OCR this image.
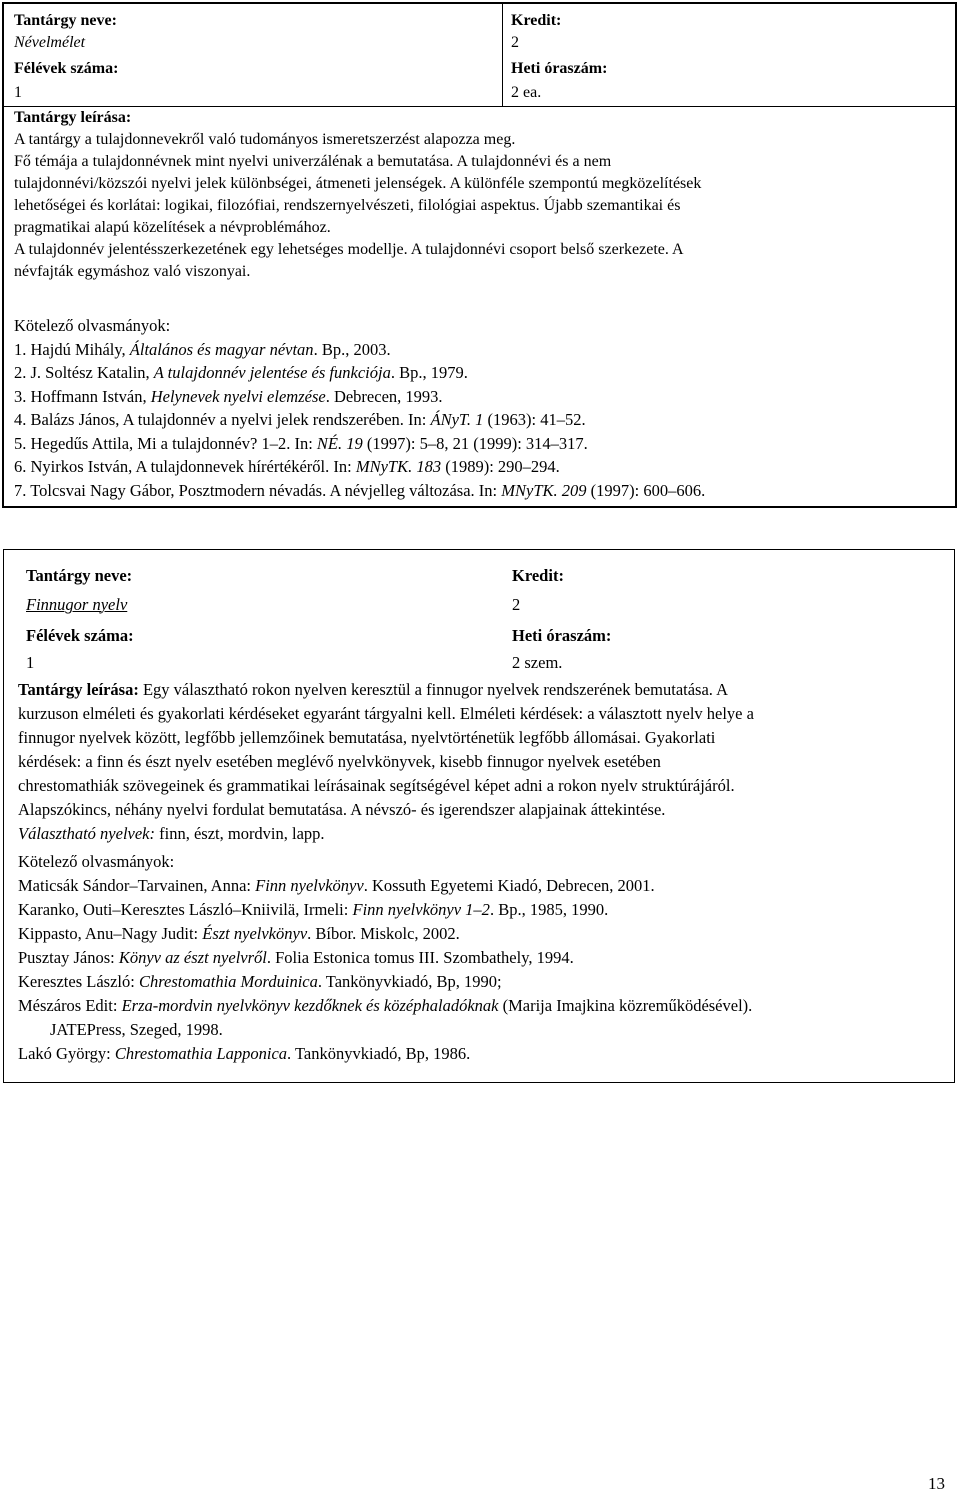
Tantárgy neve:
Névelmélet
Félévek száma:
1
Kredit:
2
Heti óraszám:
2 ea.
Tantárgy leírása:
A tantárgy a tulajdonnevekről való tudományos ismeretszerzést alapozza meg.
Fő témája a tulajdonnévnek mint nyelvi univerzálénak a bemutatása. A tulajdonnévi és a nem
tulajdonnévi/közszói nyelvi jelek különbségei, átmeneti jelenségek. A különféle szempontú megközelítések
lehetőségei és korlátai: logikai, filozófiai, rendszernyelvészeti, filológiai aspektus. Újabb szemantikai és
pragmatikai alapú közelítések a névproblémához.
A tulajdonnév jelentésszerkezetének egy lehetséges modellje. A tulajdonnévi csoport belső szerkezete. A
névfajták egymáshoz való viszonyai.
Kötelező olvasmányok:
1. Hajdú Mihály, Általános és magyar névtan. Bp., 2003.
2. J. Soltész Katalin, A tulajdonnév jelentése és funkciója. Bp., 1979.
3. Hoffmann István, Helynevek nyelvi elemzése. Debrecen, 1993.
4. Balázs János, A tulajdonnév a nyelvi jelek rendszerében. In: ÁNyT. 1 (1963): 41–52.
5. Hegedűs Attila, Mi a tulajdonnév? 1–2. In: NÉ. 19 (1997): 5–8, 21 (1999): 314–317.
6. Nyirkos István, A tulajdonnevek hírértékéről. In: MNyTK. 183 (1989): 290–294.
7. Tolcsvai Nagy Gábor, Posztmodern névadás. A névjelleg változása. In: MNyTK. 209 (1997): 600–606.
Tantárgy neve:
Finnugor nyelv
Félévek száma:
1
Kredit:
2
Heti óraszám:
2 szem.
Tantárgy leírása: Egy választható rokon nyelven keresztül a finnugor nyelvek rendszerének bemutatása. A
kurzuson elméleti és gyakorlati kérdéseket egyaránt tárgyalni kell. Elméleti kérdések: a választott nyelv helye a
finnugor nyelvek között, legfőbb jellemzőinek bemutatása, nyelvtörténetük legfőbb állomásai. Gyakorlati
kérdések: a finn és észt nyelv esetében meglévő nyelvkönyvek, kisebb finnugor nyelvek esetében
chrestomathiák szövegeinek és grammatikai leírásainak segítségével képet adni a rokon nyelv struktúrájáról.
Alapszókincs, néhány nyelvi fordulat bemutatása. A névszó- és igerendszer alapjainak áttekintése.
Választható nyelvek: finn, észt, mordvin, lapp.
Kötelező olvasmányok:
Maticsák Sándor–Tarvainen, Anna: Finn nyelvkönyv. Kossuth Egyetemi Kiadó, Debrecen, 2001.
Karanko, Outi–Keresztes László–Kniivilä, Irmeli: Finn nyelvkönyv 1–2. Bp., 1985, 1990.
Kippasto, Anu–Nagy Judit: Észt nyelvkönyv. Bíbor. Miskolc, 2002.
Pusztay János: Könyv az észt nyelvről. Folia Estonica tomus III. Szombathely, 1994.
Keresztes László: Chrestomathia Morduinica. Tankönyvkiadó, Bp, 1990;
Mészáros Edit: Erza-mordvin nyelvkönyv kezdőknek és középhaladóknak (Marija Imajkina közreműködésével).
JATEPress, Szeged, 1998.
Lakó György: Chrestomathia Lapponica. Tankönyvkiadó, Bp, 1986.
13
